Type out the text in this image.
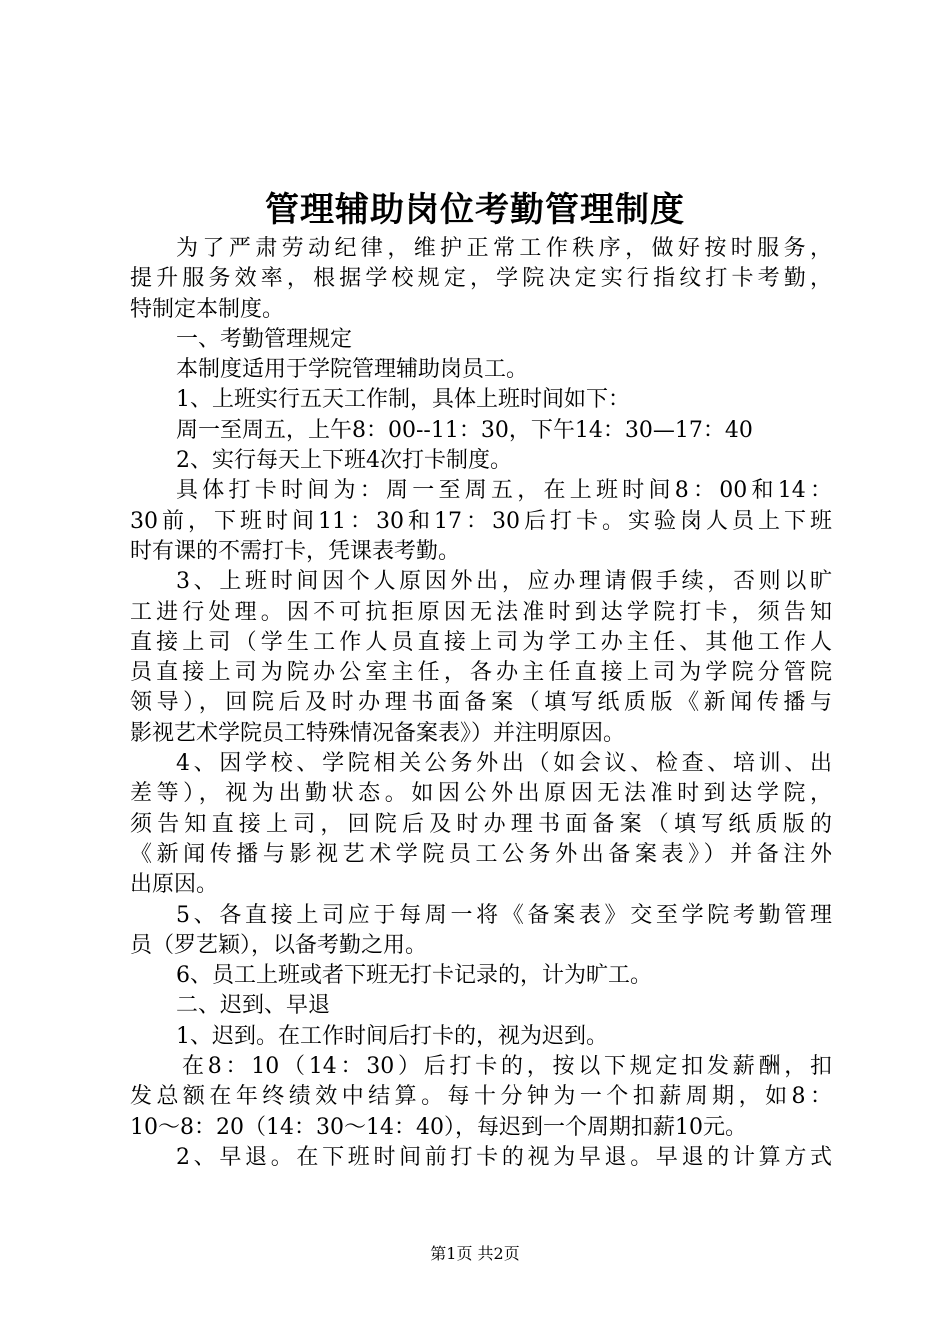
管理辅助岗位考勤管理制度
为了严肃劳动纪律，维护正常工作秩序，做好按时服务，
提升服务效率，根据学校规定，学院决定实行指纹打卡考勤，
特制定本制度。
一、考勤管理规定
本制度适用于学院管理辅助岗员工。
1、上班实行五天工作制，具体上班时间如下：
周一至周五，上午8：00--11：30，下午14：30—17：40
2、实行每天上下班4次打卡制度。
具体打卡时间为：周一至周五，在上班时间8：00和14：
30前，下班时间11：30和17：30后打卡。实验岗人员上下班
时有课的不需打卡，凭课表考勤。
3、上班时间因个人原因外出，应办理请假手续，否则以旷
工进行处理。因不可抗拒原因无法准时到达学院打卡，须告知
直接上司（学生工作人员直接上司为学工办主任、其他工作人
员直接上司为院办公室主任，各办主任直接上司为学院分管院
领导），回院后及时办理书面备案（填写纸质版《新闻传播与
影视艺术学院员工特殊情况备案表》）并注明原因。
4、因学校、学院相关公务外出（如会议、检查、培训、出
差等），视为出勤状态。如因公外出原因无法准时到达学院，
须告知直接上司，回院后及时办理书面备案（填写纸质版的
《新闻传播与影视艺术学院员工公务外出备案表》）并备注外
出原因。
5、各直接上司应于每周一将《备案表》交至学院考勤管理
员（罗艺颖），以备考勤之用。
6、员工上班或者下班无打卡记录的，计为旷工。
二、迟到、早退
1、迟到。在工作时间后打卡的，视为迟到。
在8：10（14：30）后打卡的，按以下规定扣发薪酬，扣
发总额在年终绩效中结算。每十分钟为一个扣薪周期，如8：
10～8：20（14：30～14：40），每迟到一个周期扣薪10元。
2、早退。在下班时间前打卡的视为早退。早退的计算方式
第1页 共2页
